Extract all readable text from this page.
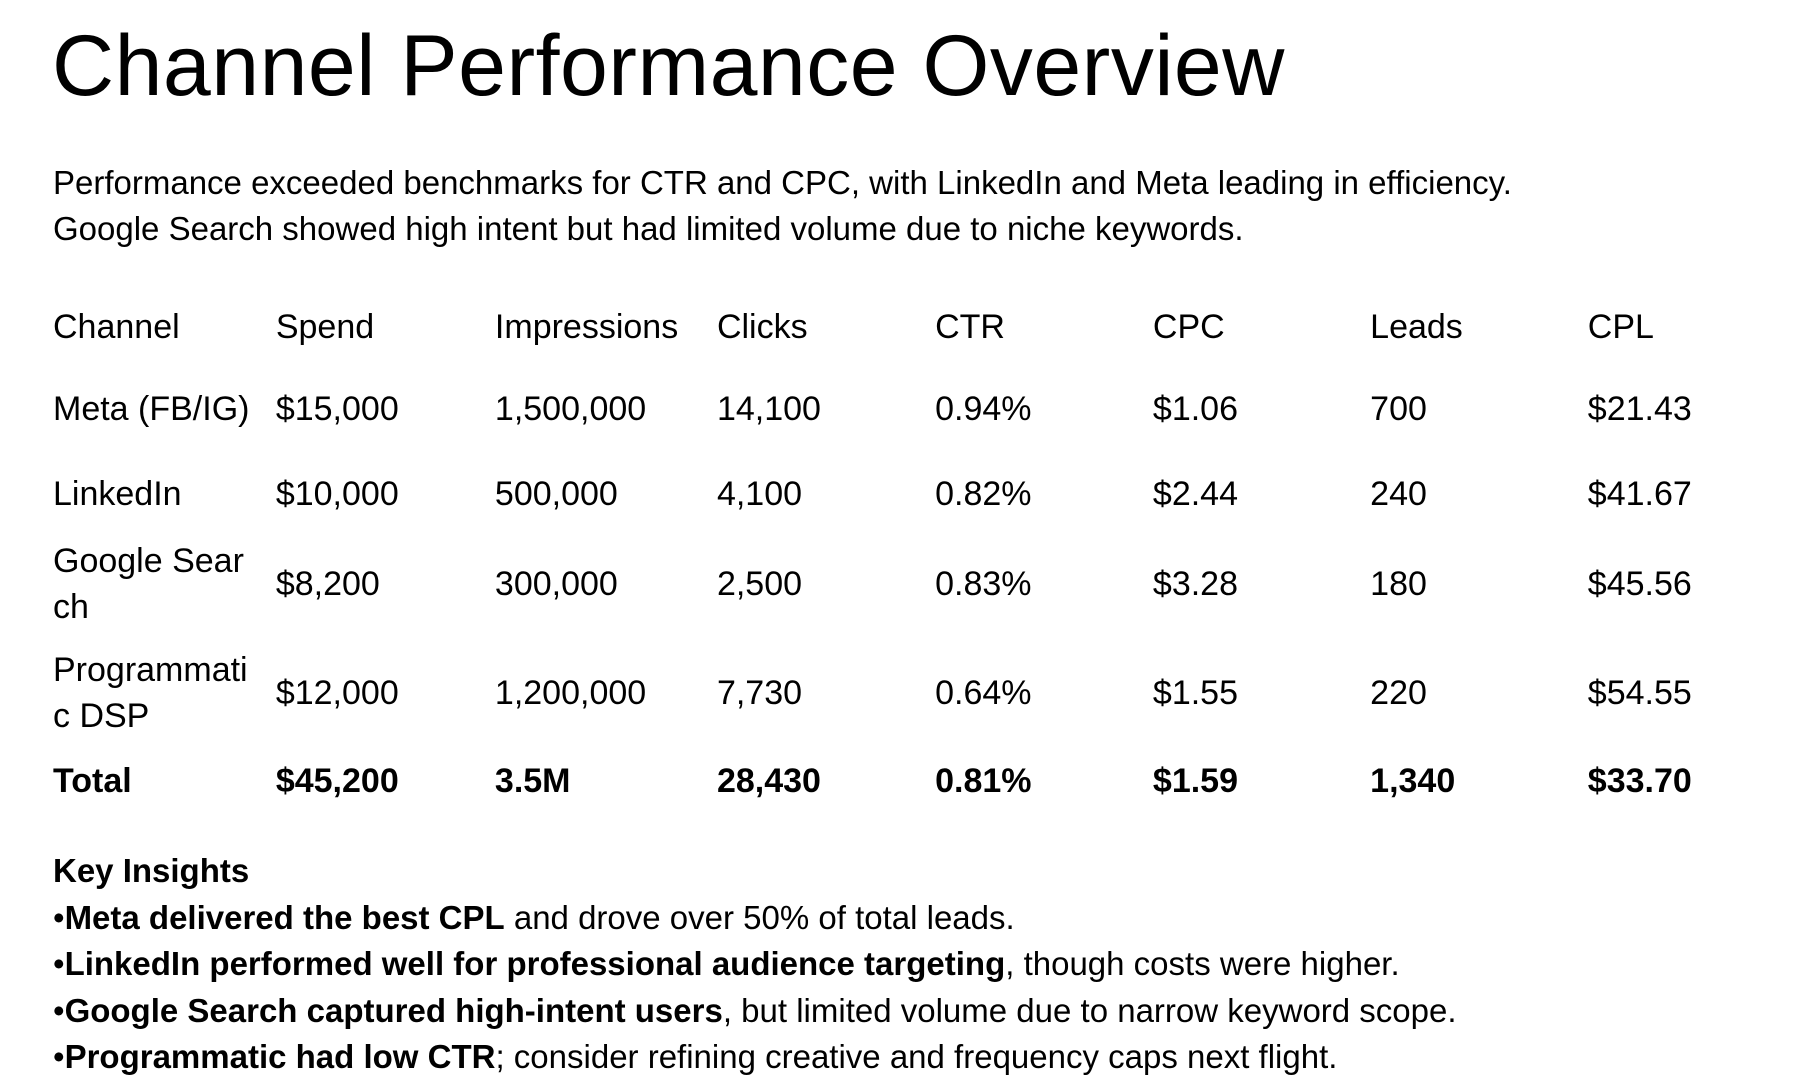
Channel Performance Overview
Performance exceeded benchmarks for CTR and CPC, with LinkedIn and Meta leading in efficiency.
Google Search showed high intent but had limited volume due to niche keywords.
Channel	Spend	Impressions	Clicks	CTR	CPC	Leads	CPL

Meta (FB/IG)	$15,000	1,500,000	14,100	0.94%	$1.06	700	$21.43

LinkedIn	$10,000	500,000	4,100	0.82%	$2.44	240	$41.67

Google Search	$8,200	300,000	2,500	0.83%	$3.28	180	$45.56

Programmatic DSP	$12,000	1,200,000	7,730	0.64%	$1.55	220	$54.55
Total	$45,200	3.5M	28,430	0.81%	$1.59	1,340	$33.70
Key Insights
•Meta delivered the best CPL and drove over 50% of total leads.
•LinkedIn performed well for professional audience targeting, though costs were higher.
•Google Search captured high-intent users, but limited volume due to narrow keyword scope.
•Programmatic had low CTR; consider refining creative and frequency caps next flight.
